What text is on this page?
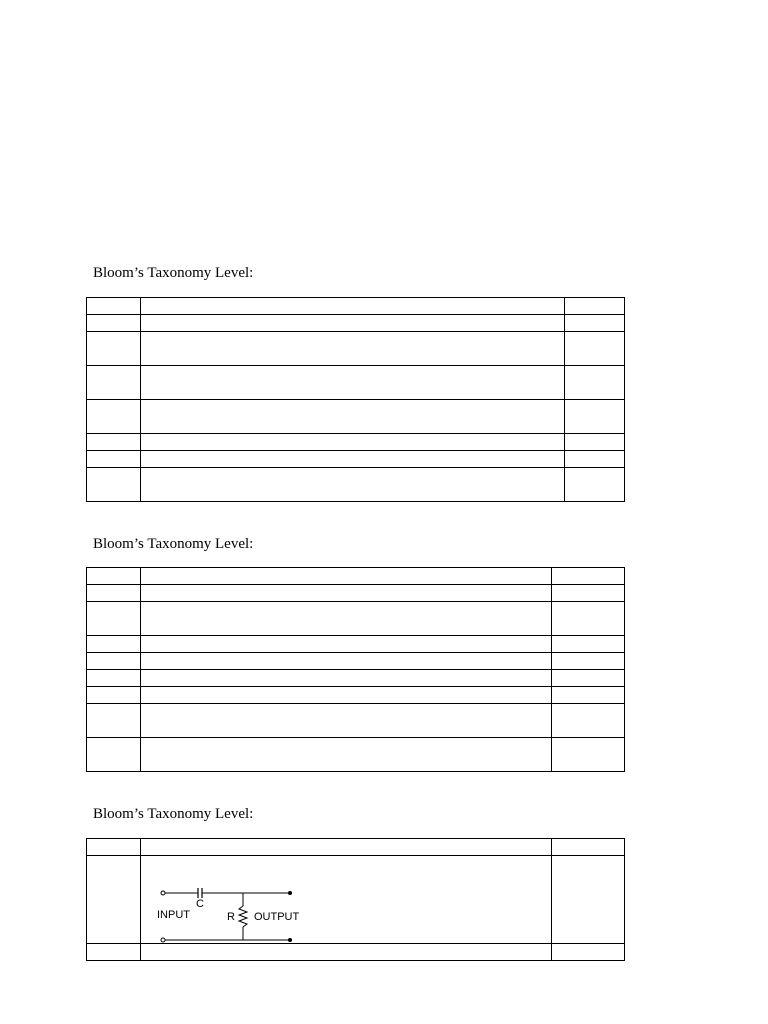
Bloom’s Taxonomy Level:

Bloom’s Taxonomy Level:

Bloom’s Taxonomy Level:

C
INPUT R OUTPUT	
